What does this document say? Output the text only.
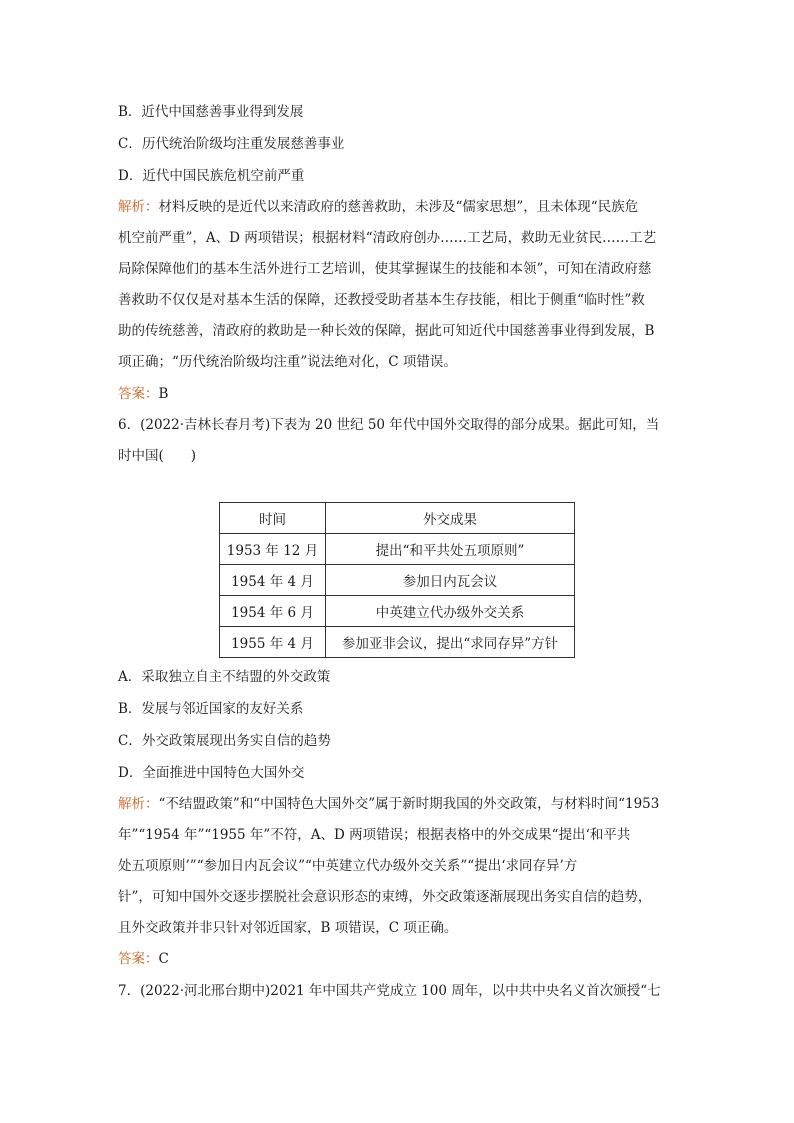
B．近代中国慈善事业得到发展
C．历代统治阶级均注重发展慈善事业
D．近代中国民族危机空前严重
解析：材料反映的是近代以来清政府的慈善救助，未涉及“儒家思想”，且未体现“民族危
机空前严重”，A、D 两项错误；根据材料“清政府创办……工艺局，救助无业贫民……工艺
局除保障他们的基本生活外进行工艺培训，使其掌握谋生的技能和本领”，可知在清政府慈
善救助不仅仅是对基本生活的保障，还教授受助者基本生存技能，相比于侧重“临时性”救
助的传统慈善，清政府的救助是一种长效的保障，据此可知近代中国慈善事业得到发展，B
项正确；“历代统治阶级均注重”说法绝对化，C 项错误。
答案：B
6．(2022·吉林长春月考)下表为 20 世纪 50 年代中国外交取得的部分成果。据此可知，当
时中国(　　)
时间	外交成果
1953 年 12 月	提出“和平共处五项原则”
1954 年 4 月	参加日内瓦会议
1954 年 6 月	中英建立代办级外交关系
1955 年 4 月	参加亚非会议，提出“求同存异”方针
A．采取独立自主不结盟的外交政策
B．发展与邻近国家的友好关系
C．外交政策展现出务实自信的趋势
D．全面推进中国特色大国外交
解析：“不结盟政策”和“中国特色大国外交”属于新时期我国的外交政策，与材料时间“1953
年”“1954 年”“1955 年”不符，A、D 两项错误；根据表格中的外交成果“提出‘和平共
处五项原则’”“参加日内瓦会议”“中英建立代办级外交关系”“提出‘求同存异’方
针”，可知中国外交逐步摆脱社会意识形态的束缚，外交政策逐渐展现出务实自信的趋势，
且外交政策并非只针对邻近国家，B 项错误，C 项正确。
答案：C
7．(2022·河北邢台期中)2021 年中国共产党成立 100 周年，以中共中央名义首次颁授“七
